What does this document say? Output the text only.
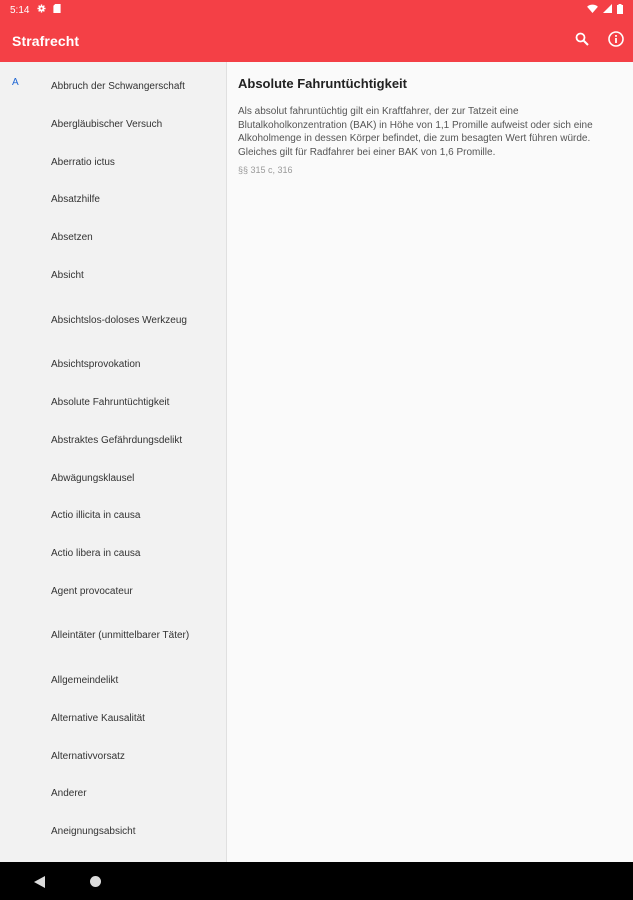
5:14
Strafrecht
A	Abbruch der Schwangerschaft
Abergläubischer Versuch
Aberratio ictus
Absatzhilfe
Absetzen
Absicht
Absichtslos-doloses Werkzeug
Absichtsprovokation
Absolute Fahruntüchtigkeit
Abstraktes Gefährdungsdelikt
Abwägungsklausel
Actio illicita in causa
Actio libera in causa
Agent provocateur
Alleintäter (unmittelbarer Täter)
Allgemeindelikt
Alternative Kausalität
Alternativvorsatz
Anderer
Aneignungsabsicht
Absolute Fahruntüchtigkeit
Als absolut fahruntüchtig gilt ein Kraftfahrer, der zur Tatzeit eine Blutalkoholkonzentration (BAK) in Höhe von 1,1 Promille aufweist oder sich eine Alkoholmenge in dessen Körper befindet, die zum besagten Wert führen würde. Gleiches gilt für Radfahrer bei einer BAK von 1,6 Promille.
§§ 315 c, 316
